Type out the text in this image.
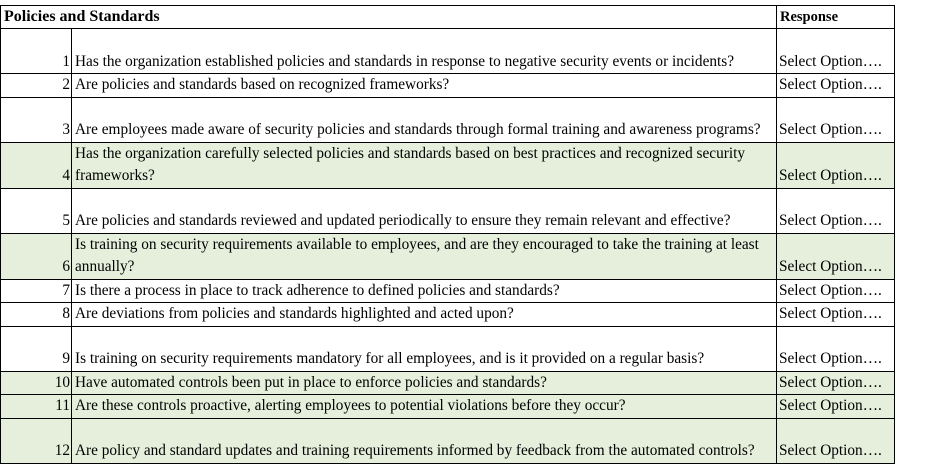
Policies and Standards		Response
1	Has the organization established policies and standards in response to negative security events or incidents?	Select Option….
2	Are policies and standards based on recognized frameworks?	Select Option….
3	Are employees made aware of security policies and standards through formal training and awareness programs?	Select Option….
4	Has the organization carefully selected policies and standards based on best practices and recognized security frameworks?	Select Option….
5	Are policies and standards reviewed and updated periodically to ensure they remain relevant and effective?	Select Option….
6	Is training on security requirements available to employees, and are they encouraged to take the training at least annually?	Select Option….
7	Is there a process in place to track adherence to defined policies and standards?	Select Option….
8	Are deviations from policies and standards highlighted and acted upon?	Select Option….
9	Is training on security requirements mandatory for all employees, and is it provided on a regular basis?	Select Option….
10	Have automated controls been put in place to enforce policies and standards?	Select Option….
11	Are these controls proactive, alerting employees to potential violations before they occur?	Select Option….
12	Are policy and standard updates and training requirements informed by feedback from the automated controls?	Select Option….
